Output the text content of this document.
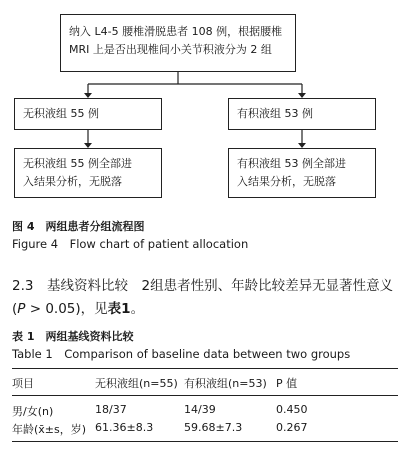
纳入 L4-5 腰椎滑脱患者 108 例，根据腰椎
MRI 上是否出现椎间小关节积液分为 2 组
无积液组 55 例	有积液组 53 例
无积液组 55 例全部进
入结果分析，无脱落
有积液组 53 例全部进
入结果分析，无脱落
图 4　两组患者分组流程图
Figure 4　Flow chart of patient allocation
2.3　基线资料比较　2组患者性别、年龄比较差异无显著性意义(P > 0.05)，见表1。
表 1　两组基线资料比较
Table 1　Comparison of baseline data between two groups
项目	无积液组(n=55) 有积液组(n=53) P 值
男/女(n)	18/37	14/39	0.450
年龄(x̄±s，岁) 61.36±8.3	59.68±7.3	0.267
